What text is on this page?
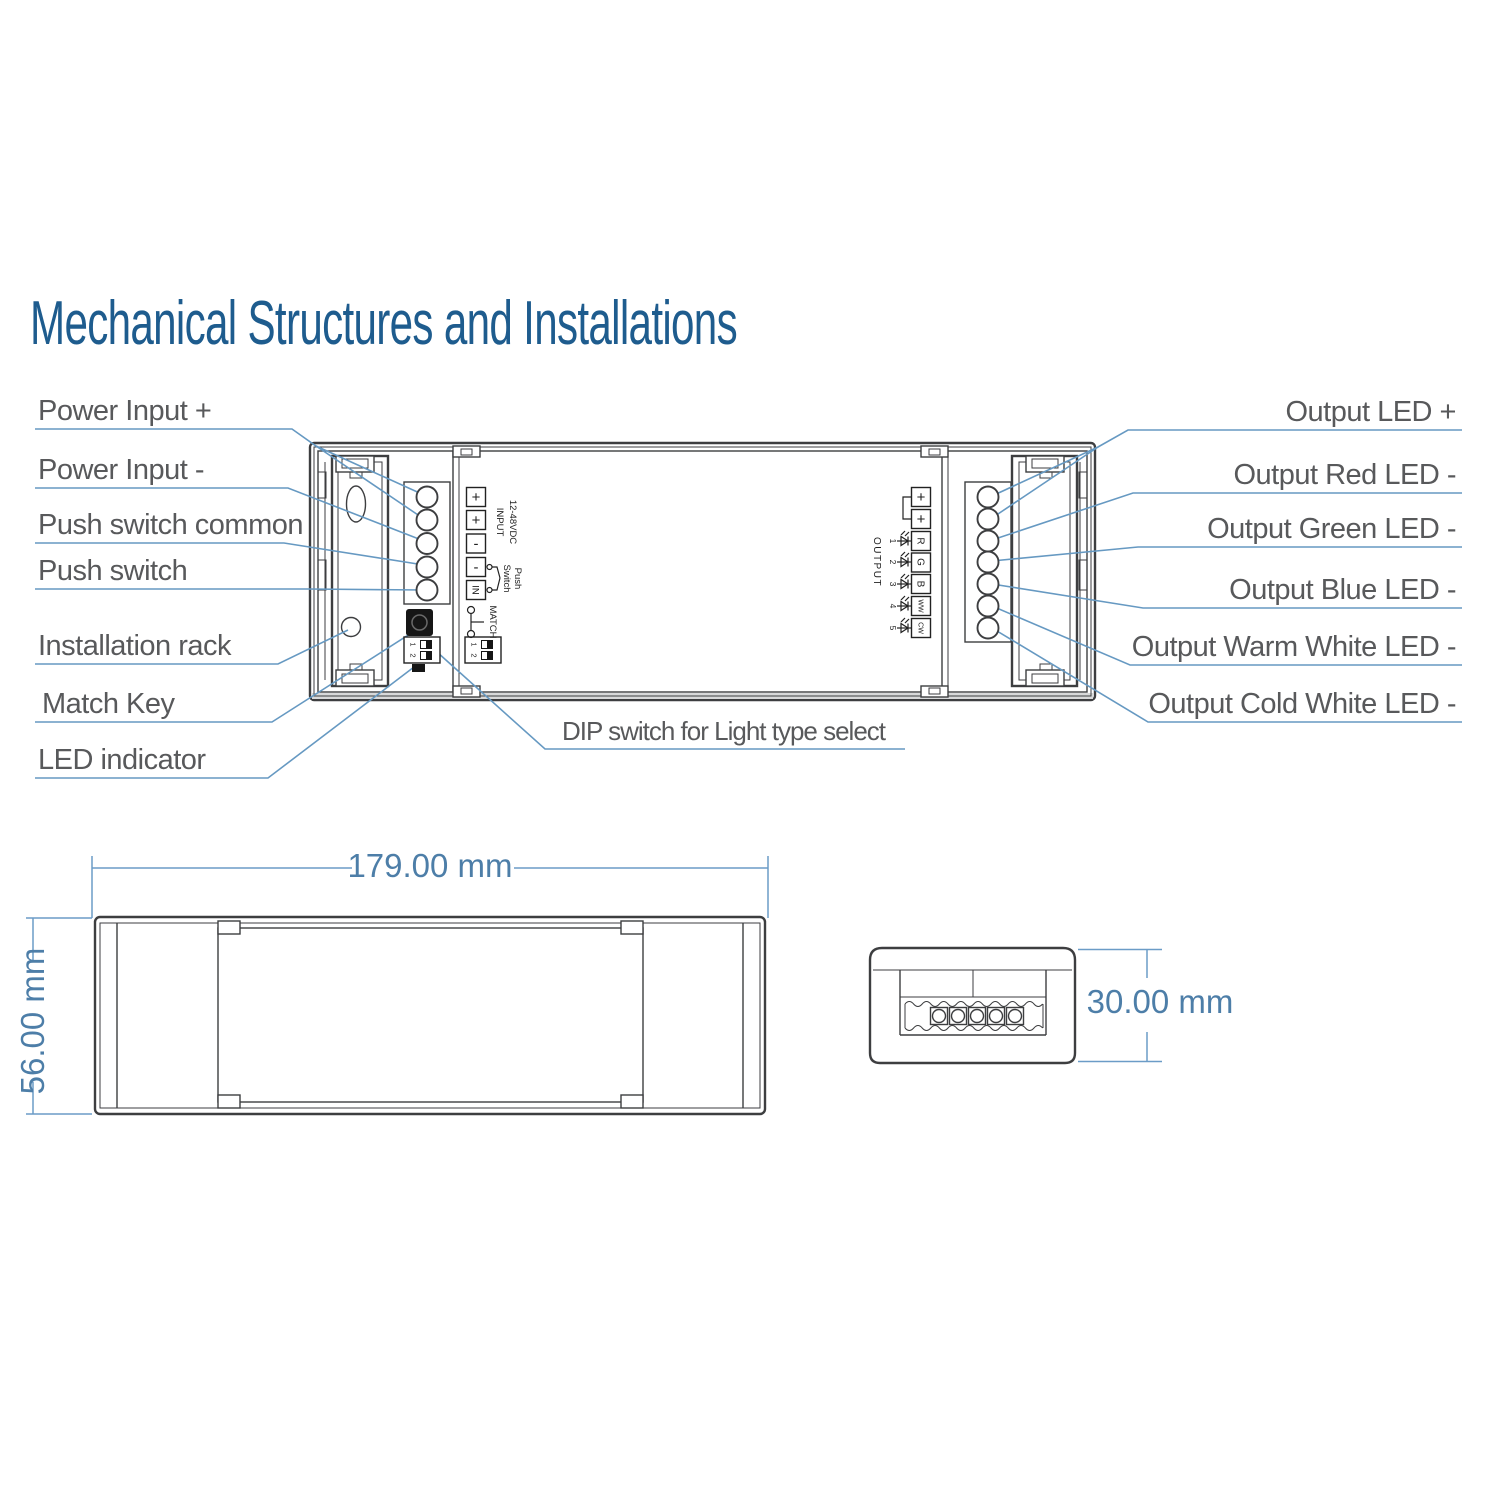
Mechanical Structures and Installations
1
2
1
2
+
+
-
-
IN
INPUT 12-48VDC
Switch Push
MATCH
OUTPUT
+
+
R
G
B
WW
CW
1
2
3
4
5
Power Input +
Power Input -
Push switch common
Push switch
Installation rack
Match Key
LED indicator
Output LED +
Output Red LED -
Output Green LED -
Output Blue LED -
Output Warm White LED -
Output Cold White LED -
DIP switch for Light type select
179.00 mm
56.00 mm	30.00 mm
